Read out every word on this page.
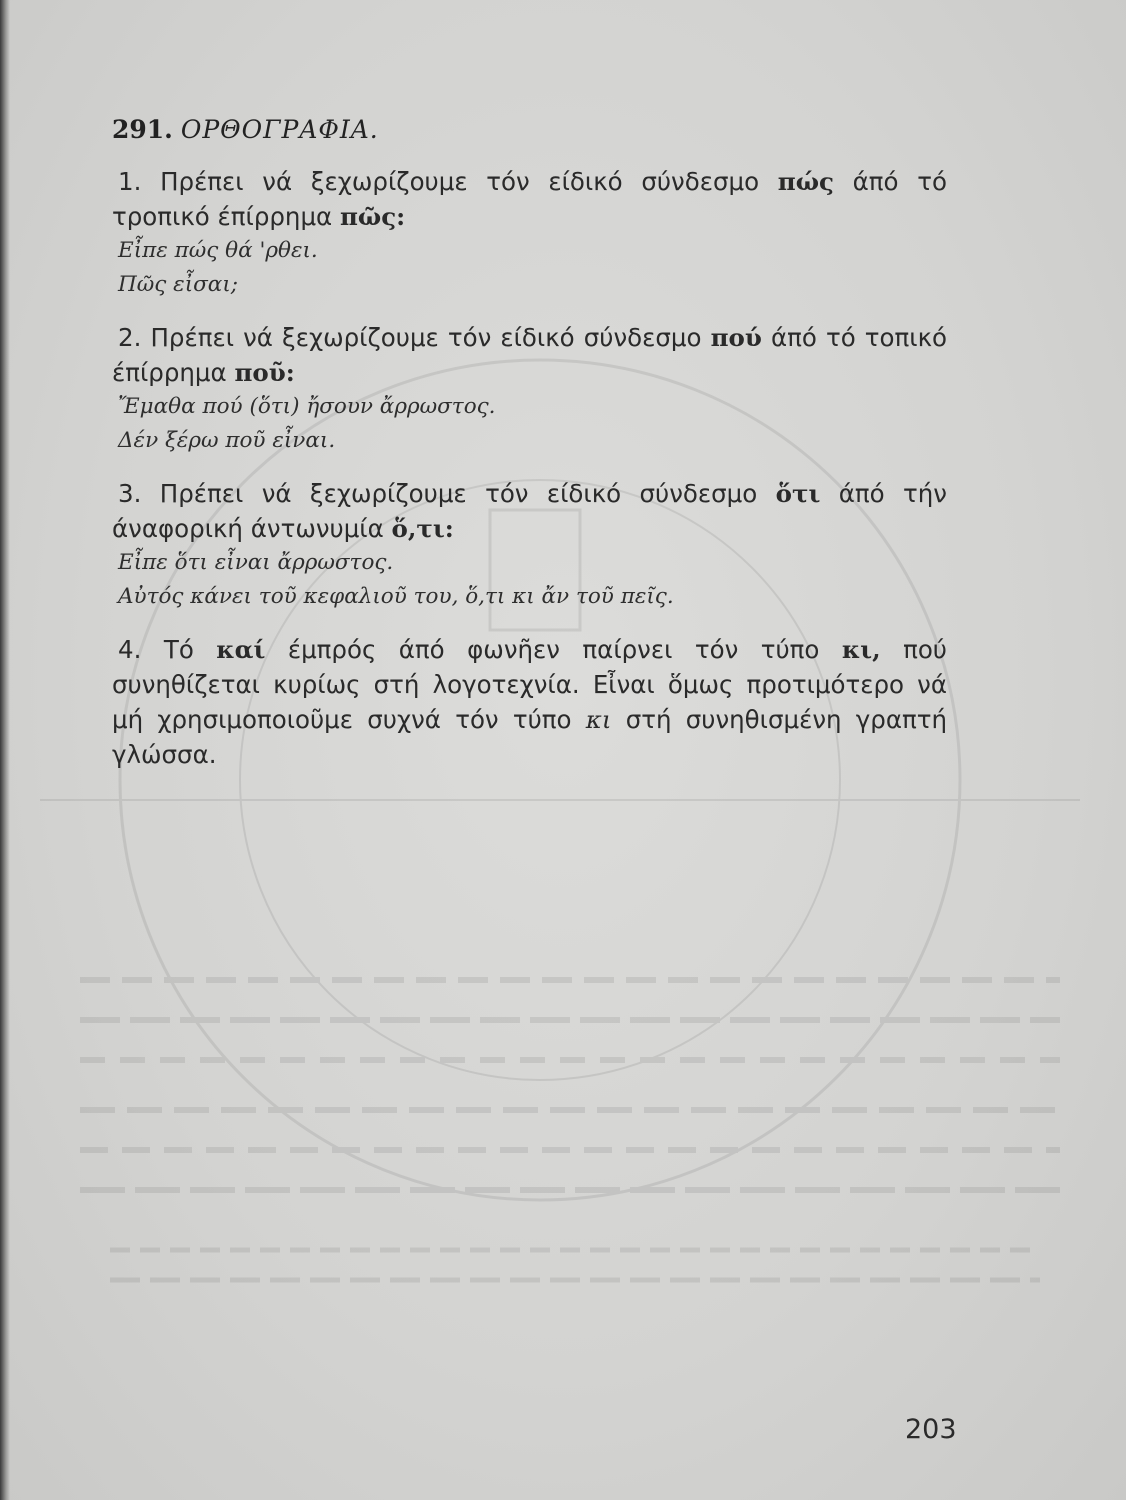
291. ΟΡΘΟΓΡΑΦΙΑ.

1. Πρέπει νά ξεχωρίζουμε τόν είδικό σύνδεσμο πώς άπό τό τροπικό έπίρρημα πῶς:

Εἶπε πώς θά 'ρθει.
Πῶς εἶσαι;

2. Πρέπει νά ξεχωρίζουμε τόν είδικό σύνδεσμο πού άπό τό τοπικό έπίρρημα ποῦ:

Ἔμαθα πού (ὅτι) ἤσουν ἄρρωστος.
Δέν ξέρω ποῦ εἶναι.

3. Πρέπει νά ξεχωρίζουμε τόν είδικό σύνδεσμο ὅτι άπό τήν άναφορική άντωνυμία ὅ,τι:

Εἶπε ὅτι εἶναι ἄρρωστος.
Αὐτός κάνει τοῦ κεφαλιοῦ του, ὅ,τι κι ἄν τοῦ πεῖς.

4. Τό καί έμπρός άπό φωνῆεν παίρνει τόν τύπο κι, πού συνηθίζεται κυρίως στή λογοτεχνία. Εἶναι ὅμως προτιμότερο νά μή χρησιμοποιοῦμε συχνά τόν τύπο κι στή συνηθισμένη γραπτή γλώσσα.

203
